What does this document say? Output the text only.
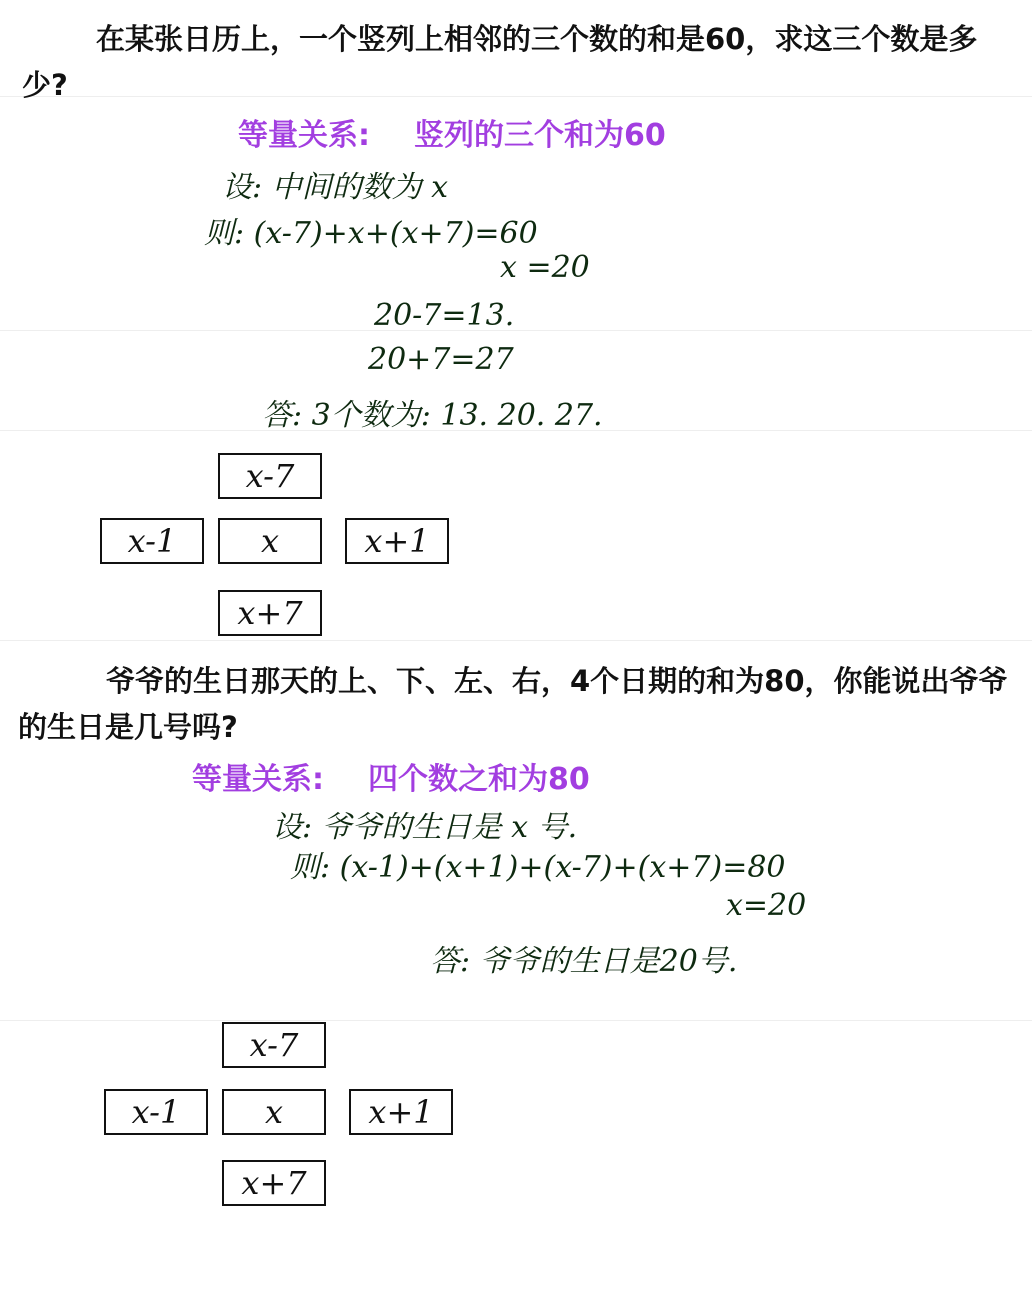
在某张日历上，一个竖列上相邻的三个数的和是60，求这三个数是多少?

等量关系: 竖列的三个和为60
设: 中间的数为 x
则: (x-7)+x+(x+7)=60
x =20
20-7=13.
20+7=27
答: 3个数为: 13. 20. 27.
x-7
x-1	x	x+1
x+7

爷爷的生日那天的上、下、左、右，4个日期的和为80，你能说出爷爷的生日是几号吗?

等量关系: 四个数之和为80
设: 爷爷的生日是 x 号.
则: (x-1)+(x+1)+(x-7)+(x+7)=80
x=20
答: 爷爷的生日是20号.
x-7
x-1	x	x+1
x+7
